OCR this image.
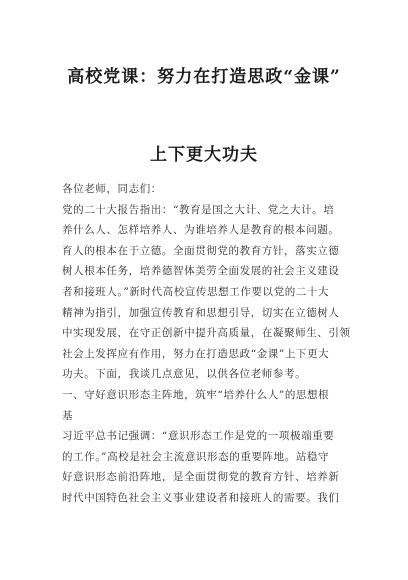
高校党课：努力在打造思政“金课”
上下更大功夫
各位老师，同志们：
党的二十大报告指出：“教育是国之大计、党之大计。培
养什么人、怎样培养人、为谁培养人是教育的根本问题。
育人的根本在于立德。全面贯彻党的教育方针，落实立德
树人根本任务，培养德智体美劳全面发展的社会主义建设
者和接班人。”新时代高校宣传思想工作要以党的二十大
精神为指引，加强宣传教育和思想引导，切实在立德树人
中实现发展，在守正创新中提升高质量，在凝聚师生、引领
社会上发挥应有作用，努力在打造思政“金课”上下更大
功夫。下面，我谈几点意见，以供各位老师参考。
一、守好意识形态主阵地，筑牢“培养什么人”的思想根
基
习近平总书记强调：“意识形态工作是党的一项极端重要
的工作。”高校是社会主流意识形态的重要阵地。站稳守
好意识形态前沿阵地，是全面贯彻党的教育方针、培养新
时代中国特色社会主义事业建设者和接班人的需要。我们
